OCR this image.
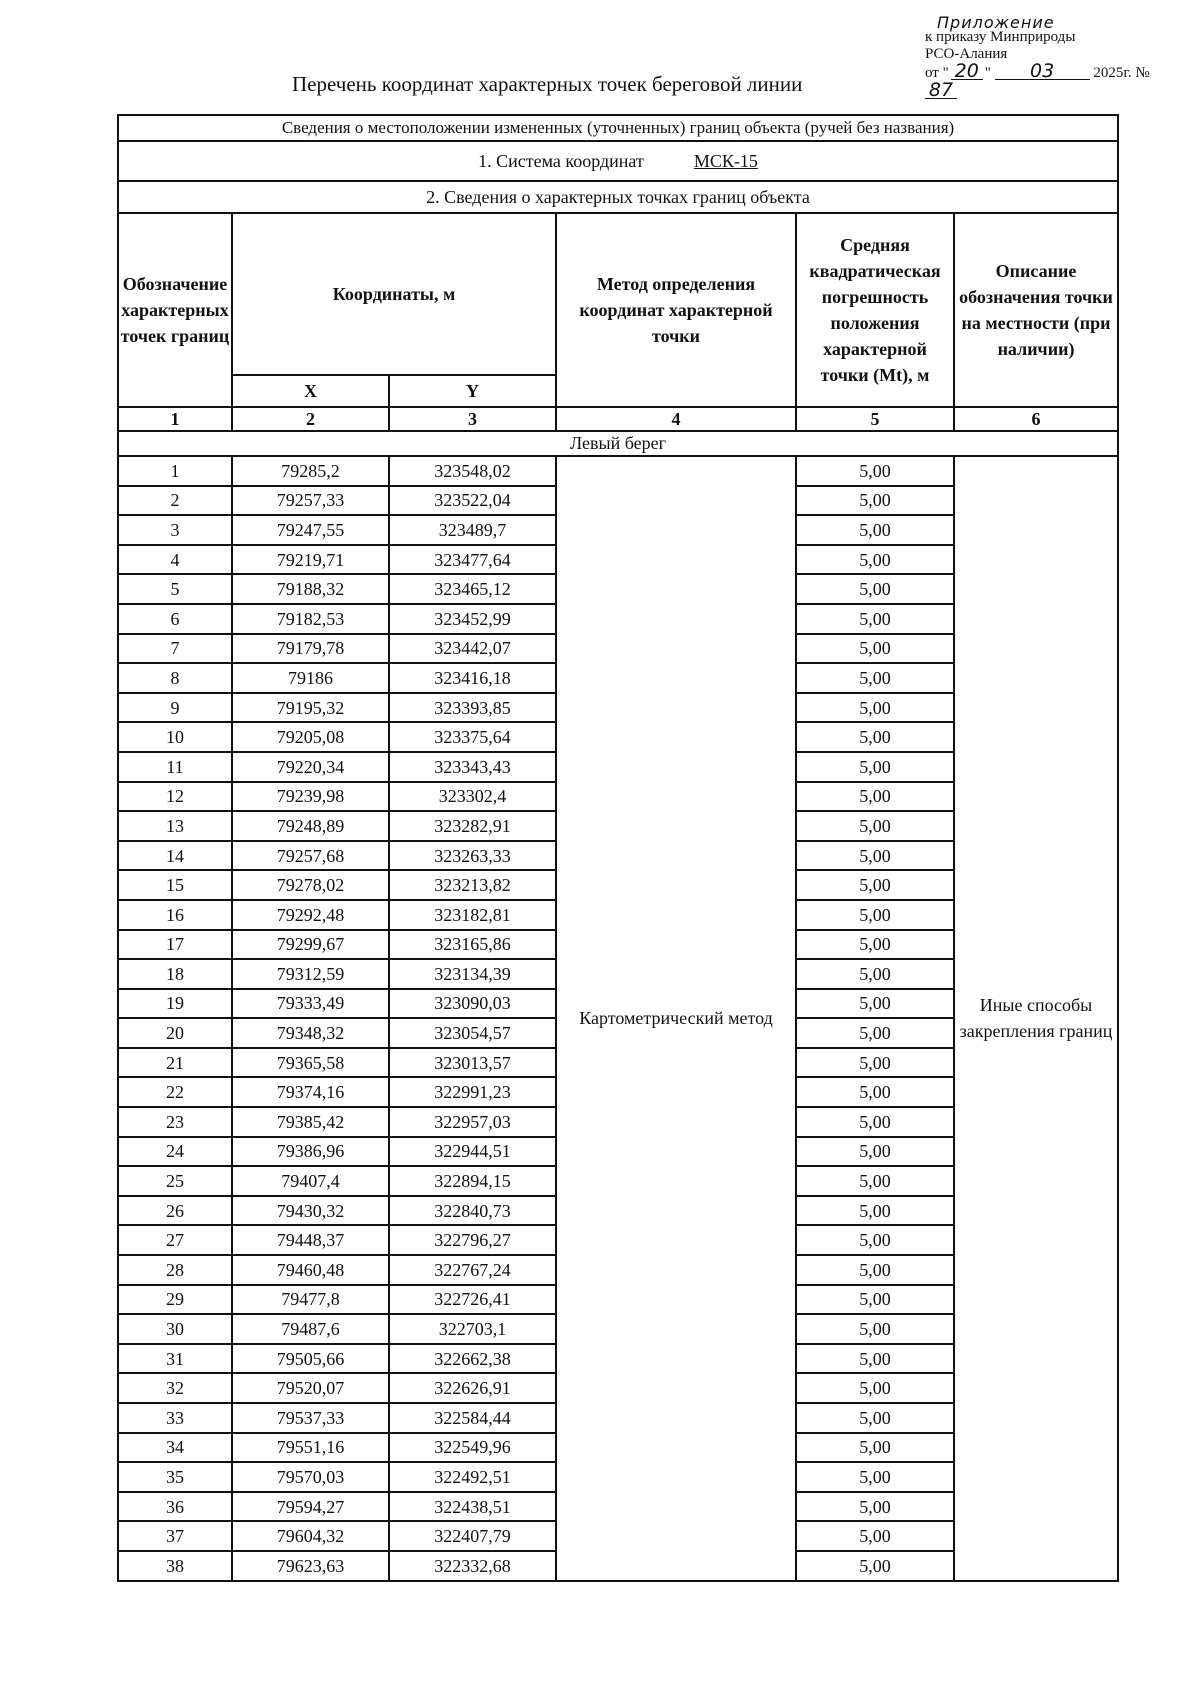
Приложение
к приказу Минприроды
РСО-Алания
от " 20 " 03	2025г. №87
Перечень координат характерных точек береговой линии
Сведения о местоположении измененных (уточненных) границ объекта (ручей без названия)					
1. Система координат МСК-15					
2. Сведения о характерных точках границ объекта					
Обозначение характерных точек границ	Координаты, м		Метод определения координат характерной точки	Средняя квадратическая погрешность положения характерной точки (Mt), м	Описание обозначения точки на местности (при наличии)
	X	Y			
1	2	3	4	5	6
Левый берег					
1	79285,2	323548,02	Картометрический метод	5,00	Иные способы закрепления границ
2	79257,33	323522,04		5,00	
3	79247,55	323489,7		5,00	
4	79219,71	323477,64		5,00	
5	79188,32	323465,12		5,00	
6	79182,53	323452,99		5,00	
7	79179,78	323442,07		5,00	
8	79186	323416,18		5,00	
9	79195,32	323393,85		5,00	
10	79205,08	323375,64		5,00	
11	79220,34	323343,43		5,00	
12	79239,98	323302,4		5,00	
13	79248,89	323282,91		5,00	
14	79257,68	323263,33		5,00	
15	79278,02	323213,82		5,00	
16	79292,48	323182,81		5,00	
17	79299,67	323165,86		5,00	
18	79312,59	323134,39		5,00	
19	79333,49	323090,03		5,00	
20	79348,32	323054,57		5,00	
21	79365,58	323013,57		5,00	
22	79374,16	322991,23		5,00	
23	79385,42	322957,03		5,00	
24	79386,96	322944,51		5,00	
25	79407,4	322894,15		5,00	
26	79430,32	322840,73		5,00	
27	79448,37	322796,27		5,00	
28	79460,48	322767,24		5,00	
29	79477,8	322726,41		5,00	
30	79487,6	322703,1		5,00	
31	79505,66	322662,38		5,00	
32	79520,07	322626,91		5,00	
33	79537,33	322584,44		5,00	
34	79551,16	322549,96		5,00	
35	79570,03	322492,51		5,00	
36	79594,27	322438,51		5,00	
37	79604,32	322407,79		5,00	
38	79623,63	322332,68		5,00	
